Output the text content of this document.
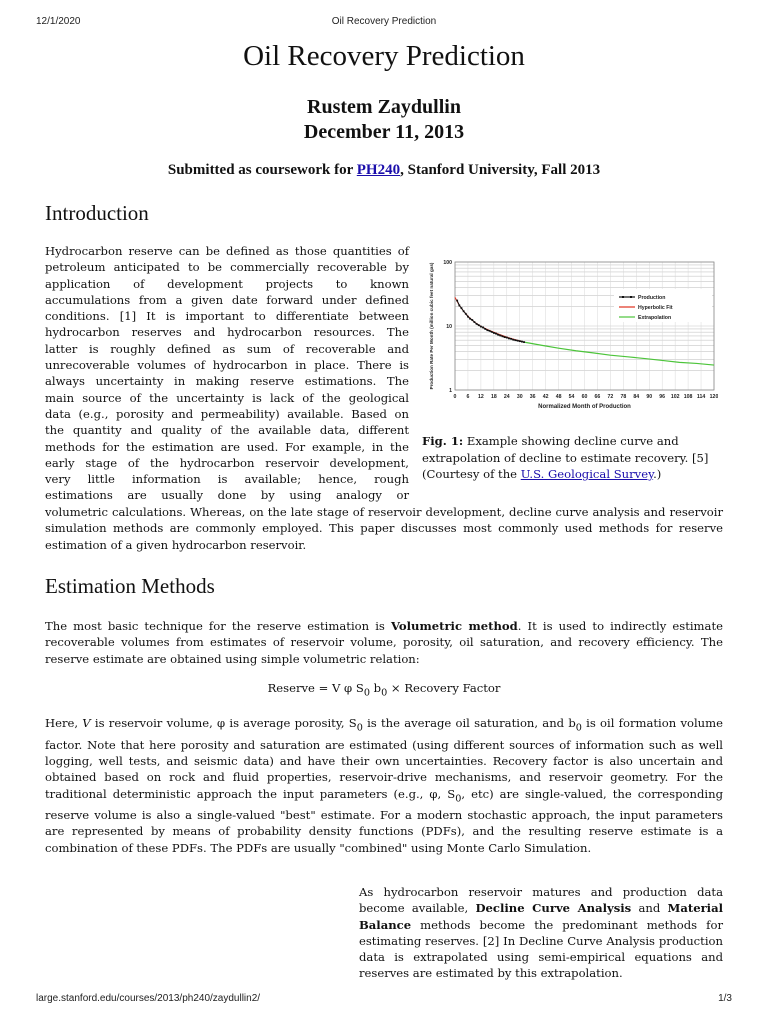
12/1/2020	Oil Recovery Prediction
Oil Recovery Prediction
Rustem Zaydullin
December 11, 2013
Submitted as coursework for PH240, Stanford University, Fall 2013
Introduction
Hydrocarbon reserve can be defined as those quantities of
petroleum anticipated to be commercially recoverable by
application of development projects to known
accumulations from a given date forward under defined
conditions. [1] It is important to differentiate between
hydrocarbon reserves and hydrocarbon resources. The
latter is roughly defined as sum of recoverable and
unrecoverable volumes of hydrocarbon in place. There is
always uncertainty in making reserve estimations. The
main source of the uncertainty is lack of the geological
data (e.g., porosity and permeability) available. Based on
the quantity and quality of the available data, different
methods for the estimation are used. For example, in the
early stage of the hydrocarbon reservoir development,
very little information is available; hence, rough
estimations are usually done by using analogy or

volumetric calculations. Whereas, on the late stage of reservoir development, decline curve analysis and reservoir simulation methods are commonly employed. This paper discusses most commonly used methods for reserve estimation of a given hydrocarbon reservoir.

0 6 12 18 24 30 36 42 48 54 60 66 72 78 84 90 96 102 108 114 120
1
10
100
Normalized Month of Production
Production Rate Per Month (million cubic feet natural gas)	Production
Hyperbolic Fit
Extrapolation

Fig. 1: Example showing decline curve and extrapolation of decline to estimate recovery. [5] (Courtesy of the U.S. Geological Survey.)

Estimation Methods

The most basic technique for the reserve estimation is Volumetric method. It is used to indirectly estimate recoverable volumes from estimates of reservoir volume, porosity, oil saturation, and recovery efficiency. The reserve estimate are obtained using simple volumetric relation:

Reserve = V φ $S_0$ $b_0$ × Recovery Factor

Here, V is reservoir volume, φ is average porosity, $S_0$ is the average oil saturation, and $b_0$ is oil formation volume factor. Note that here porosity and saturation are estimated (using different sources of information such as well logging, well tests, and seismic data) and have their own uncertainties. Recovery factor is also uncertain and obtained based on rock and fluid properties, reservoir-drive mechanisms, and reservoir geometry. For the traditional deterministic approach the input parameters (e.g., φ, $S_0$, etc) are single-valued, the corresponding reserve volume is also a single-valued "best" estimate. For a modern stochastic approach, the input parameters are represented by means of probability density functions (PDFs), and the resulting reserve estimate is a combination of these PDFs. The PDFs are usually "combined" using Monte Carlo Simulation.

As hydrocarbon reservoir matures and production data become available, Decline Curve Analysis and Material Balance methods become the predominant methods for estimating reserves. [2] In Decline Curve Analysis production data is extrapolated using semi-empirical equations and reserves are estimated by this extrapolation.

large.stanford.edu/courses/2013/ph240/zaydullin2/	1/3
